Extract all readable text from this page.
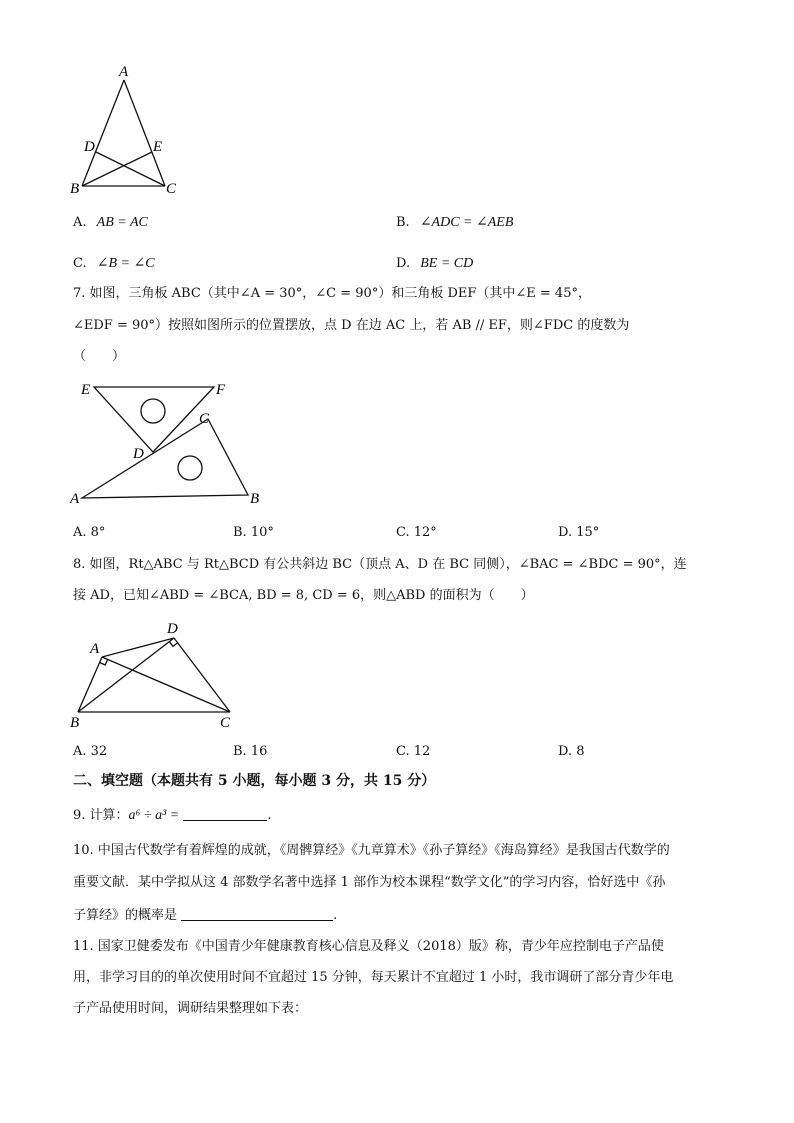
A
D	E
B	C
A. AB = AC	B. ∠ADC = ∠AEB
C. ∠B = ∠C	D. BE = CD
7. 如图，三角板 ABC（其中∠A = 30°，∠C = 90°）和三角板 DEF（其中∠E = 45°，
∠EDF = 90°）按照如图所示的位置摆放，点 D 在边 AC 上，若 AB // EF，则∠FDC 的度数为
（　　）
E	F
C
D
A	B
A. 8°	B. 10°	C. 12°	D. 15°
8. 如图，Rt△ABC 与 Rt△BCD 有公共斜边 BC（顶点 A、D 在 BC 同侧），∠BAC = ∠BDC = 90°，连
接 AD，已知∠ABD = ∠BCA, BD = 8, CD = 6，则△ABD 的面积为（　　）
A
D
B	C
A. 32	B. 16	C. 12	D. 8
二、填空题（本题共有 5 小题，每小题 3 分，共 15 分）
9. 计算：a⁶ ÷ a³ =	.
10. 中国古代数学有着辉煌的成就，《周髀算经》《九章算术》《孙子算经》《海岛算经》是我国古代数学的
重要文献．某中学拟从这 4 部数学名著中选择 1 部作为校本课程“数学文化”的学习内容，恰好选中《孙
子算经》的概率是	.
11. 国家卫健委发布《中国青少年健康教育核心信息及释义（2018）版》称，青少年应控制电子产品使
用，非学习目的的单次使用时间不宜超过 15 分钟，每天累计不宜超过 1 小时，我市调研了部分青少年电
子产品使用时间，调研结果整理如下表：
